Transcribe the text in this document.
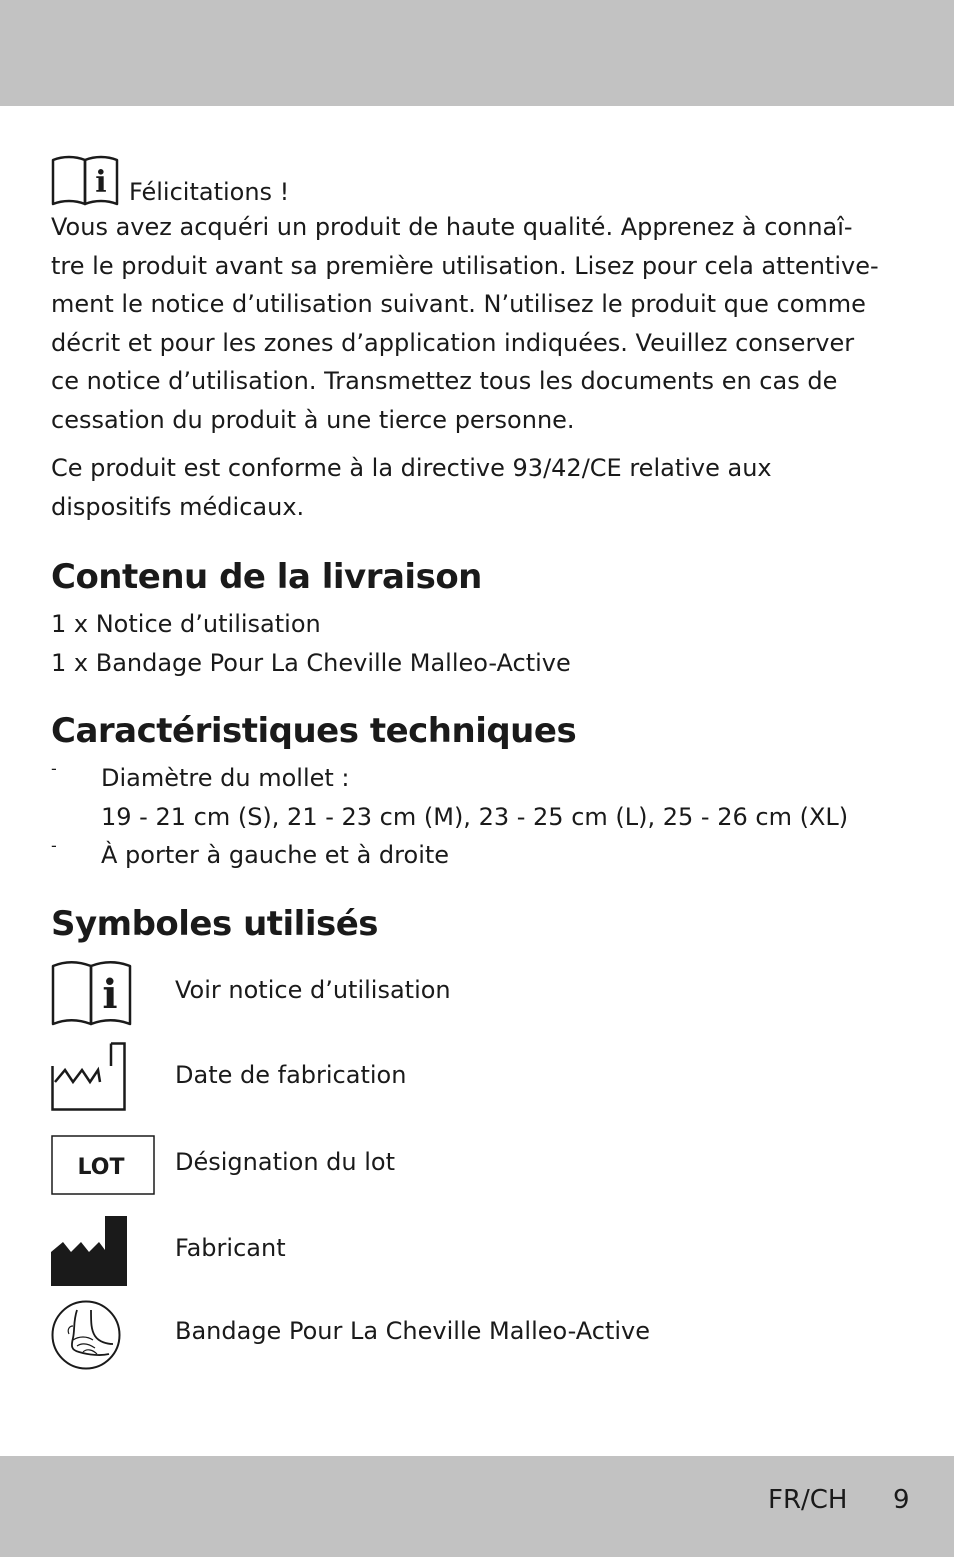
i Félicitations !
Vous avez acquéri un produit de haute qualité. Apprenez à connaî-
tre le produit avant sa première utilisation. Lisez pour cela attentive-
ment le notice d’utilisation suivant. N’utilisez le produit que comme
décrit et pour les zones d’application indiquées. Veuillez conserver
ce notice d’utilisation. Transmettez tous les documents en cas de
cessation du produit à une tierce personne.
Ce produit est conforme à la directive 93/42/CE relative aux
dispositifs médicaux.
Contenu de la livraison
1 x Notice d’utilisation
1 x Bandage Pour La Cheville Malleo-Active
Caractéristiques techniques
- Diamètre du mollet :
19 - 21 cm (S), 21 - 23 cm (M), 23 - 25 cm (L), 25 - 26 cm (XL)
- À porter à gauche et à droite
Symboles utilisés
i Voir notice d’utilisation
Date de fabrication
LOT Désignation du lot
Fabricant
Bandage Pour La Cheville Malleo-Active
FR/CH 9
